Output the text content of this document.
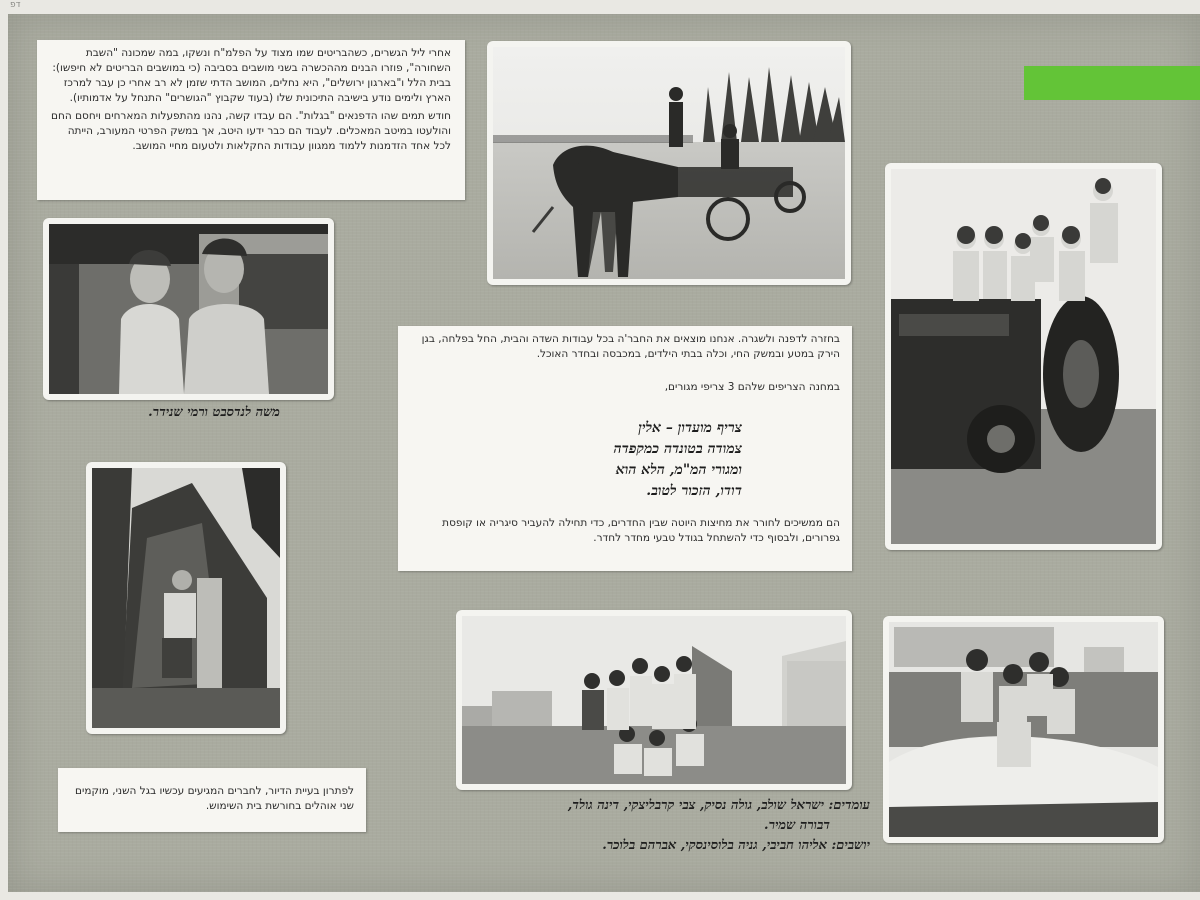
דפ
אחרי ליל הגשרים, כשהבריטים שמו מצוד על הפלמ"ח ונשקו, במה שמכונה "השבת השחורה", פוזרו הבנים מההכשרה בשני מושבים בסביבה (כי במושבים הבריטים לא חיפשו): בבית הלל ו"בארגון ירושלים", היא נחלים, המושב הדתי שזמן לא רב אחרי כן עבר למרכז הארץ ולימים נודע בישיבה התיכונית שלו (בעוד שקבוץ "הגושרים" התנחל על אדמותיו).
חודש תמים שהו הדפנאים "בגלות". הם עבדו קשה, נהנו מהתפעלות המארחים ויחסם החם והולעטו במיטב המאכלים. לעבוד הם כבר ידעו היטב, אך במשק הפרטי המעורב, הייתה לכל אחד הזדמנות ללמוד ממגוון עבודות החקלאות ולטעום מחיי המושב.
משה לנדסבט ורמי שנידר.
בחזרה לדפנה ולשגרה. אנחנו מוצאים את החבר'ה בכל עבודות השדה והבית, החל בפלחה, בגן הירק במטע ובמשק החי, וכלה בבתי הילדים, במכבסה ובחדר האוכל.
במחנה הצריפים שלהם 3 צריפי מגורים,
צריף מועדון – אלין
צמודה בטונדה כמקפדה
ומגורי המ"מ, הלא הוא
דודו, הזכור לטוב.
הם ממשיכים לחורר את מחיצות היוטה שבין החדרים, כדי תחילה להעביר סיגריה או קופסת גפרורים, ולבסוף כדי להשתחל בגודל טבעי מחדר לחדר.
לפתרון בעיית הדיור, לחברים המגיעים עכשיו בגל השני, מוקמים שני אוהלים בחורשת בית השימוש.	עומדים: ישראל שולב, גולה נסיק, צבי קרבליצקי, דינה גולד,
דבורה שמיר.
יושבים: אליהו חביבי, גניה בלוסינסקי, אברהם בלוכר.
